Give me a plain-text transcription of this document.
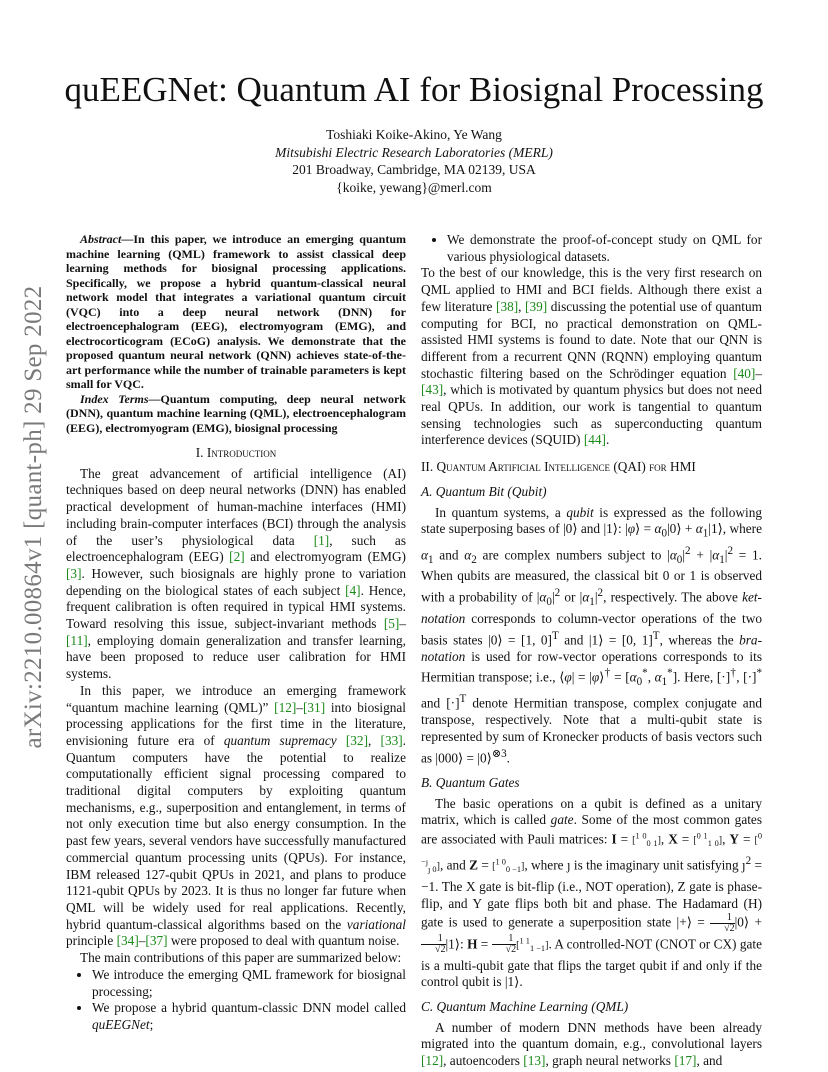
arXiv:2210.00864v1 [quant-ph] 29 Sep 2022
quEEGNet: Quantum AI for Biosignal Processing
Toshiaki Koike-Akino, Ye Wang
Mitsubishi Electric Research Laboratories (MERL)
201 Broadway, Cambridge, MA 02139, USA
{koike, yewang}@merl.com

Abstract—In this paper, we introduce an emerging quantum machine learning (QML) framework to assist classical deep learning methods for biosignal processing applications. Specifically, we propose a hybrid quantum-classical neural network model that integrates a variational quantum circuit (VQC) into a deep neural network (DNN) for electroencephalogram (EEG), electromyogram (EMG), and electrocorticogram (ECoG) analysis. We demonstrate that the proposed quantum neural network (QNN) achieves state-of-the-art performance while the number of trainable parameters is kept small for VQC.

Index Terms—Quantum computing, deep neural network (DNN), quantum machine learning (QML), electroencephalogram (EEG), electromyogram (EMG), biosignal processing

I. Introduction

The great advancement of artificial intelligence (AI) techniques based on deep neural networks (DNN) has enabled practical development of human-machine interfaces (HMI) including brain-computer interfaces (BCI) through the analysis of the user’s physiological data [1], such as electroencephalogram (EEG) [2] and electromyogram (EMG) [3]. However, such biosignals are highly prone to variation depending on the biological states of each subject [4]. Hence, frequent calibration is often required in typical HMI systems. Toward resolving this issue, subject-invariant methods [5]–[11], employing domain generalization and transfer learning, have been proposed to reduce user calibration for HMI systems.

In this paper, we introduce an emerging framework “quantum machine learning (QML)” [12]–[31] into biosignal processing applications for the first time in the literature, envisioning future era of quantum supremacy [32], [33]. Quantum computers have the potential to realize computationally efficient signal processing compared to traditional digital computers by exploiting quantum mechanisms, e.g., superposition and entanglement, in terms of not only execution time but also energy consumption. In the past few years, several vendors have successfully manufactured commercial quantum processing units (QPUs). For instance, IBM released 127-qubit QPUs in 2021, and plans to produce 1121-qubit QPUs by 2023. It is thus no longer far future when QML will be widely used for real applications. Recently, hybrid quantum-classical algorithms based on the variational principle [34]–[37] were proposed to deal with quantum noise.

The main contributions of this paper are summarized below:

• We introduce the emerging QML framework for biosignal processing;
• We propose a hybrid quantum-classic DNN model called quEEGNet;
• We demonstrate the proof-of-concept study on QML for various physiological datasets.

To the best of our knowledge, this is the very first research on QML applied to HMI and BCI fields. Although there exist a few literature [38], [39] discussing the potential use of quantum computing for BCI, no practical demonstration on QML-assisted HMI systems is found to date. Note that our QNN is different from a recurrent QNN (RQNN) employing quantum stochastic filtering based on the Schrödinger equation [40]–[43], which is motivated by quantum physics but does not need real QPUs. In addition, our work is tangential to quantum sensing technologies such as superconducting quantum interference devices (SQUID) [44].

II. Quantum Artificial Intelligence (QAI) for HMI
A. Quantum Bit (Qubit)

In quantum systems, a qubit is expressed as the following state superposing bases of |0⟩ and |1⟩: |φ⟩ = $\alpha_0|0⟩$ + $\alpha_1|1⟩$, where $\alpha_1$ and $\alpha_2$ are complex numbers subject to $|\alpha_0|^2 + |\alpha_1|^2 = 1$. When qubits are measured, the classical bit 0 or 1 is observed with a probability of $|\alpha_0|^2$ or $|\alpha_1|^2$, respectively. The above ket-notation corresponds to column-vector operations of the two basis states |0⟩ = [1, 0]$^T$ and |1⟩ = [0, 1]$^T$, whereas the bra-notation is used for row-vector operations corresponds to its Hermitian transpose; i.e., ⟨φ| = |φ⟩† = [$\alpha_0^*$, $\alpha_1^*$]. Here, [·]†, [·]* and $[\cdot]^T$ denote Hermitian transpose, complex conjugate and transpose, respectively. Note that a multi-qubit state is represented by sum of Kronecker products of basis vectors such as |000⟩ = |0⟩$^{\otimes 3}$.

B. Quantum Gates

The basic operations on a qubit is defined as a unitary matrix, which is called gate. Some of the most common gates are associated with Pauli matrices: I = [$^{1 0}_{0 1}$], X = [$^{0 1}_{1 0}$], Y = [$^{0 -ȷ}_{ȷ 0}$], and Z = [$^{1 0}_{0 -1}$], where ȷ is the imaginary unit satisfying $ȷ^2 = -1$. The X gate is bit-flip (i.e., NOT operation), Z gate is phase-flip, and Y gate flips both bit and phase. The Hadamard (H) gate is used to generate a superposition state |+⟩ = $\frac{1}{√2}$ |0⟩ +
$\frac{1}{√2}$ |1⟩: $H = \frac{1}{√2} [^{1 1}_{1 -1}]$. A controlled-NOT (CNOT or CX) gate is a multi-qubit gate that flips the target qubit if and only if the control qubit is |1⟩.

C. Quantum Machine Learning (QML)

A number of modern DNN methods have been already migrated into the quantum domain, e.g., convolutional layers [12], autoencoders [13], graph neural networks [17], and
